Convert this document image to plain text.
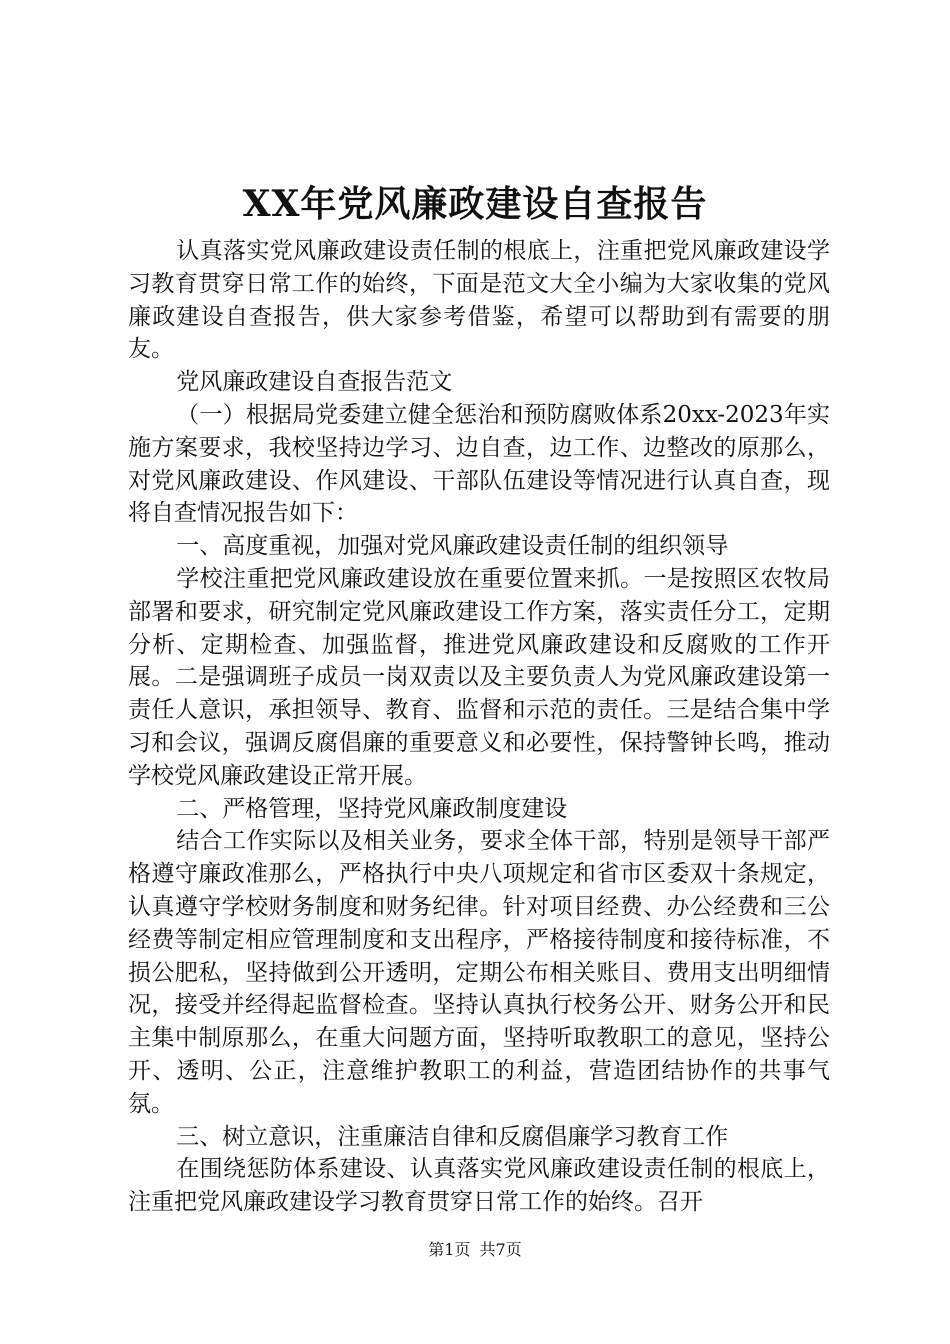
XX年党风廉政建设自查报告

认真落实党风廉政建设责任制的根底上，注重把党风廉政建设学习教育贯穿日常工作的始终，下面是范文大全小编为大家收集的党风廉政建设自查报告，供大家参考借鉴，希望可以帮助到有需要的朋友。

党风廉政建设自查报告范文

（一）根据局党委建立健全惩治和预防腐败体系20xx-2023年实施方案要求，我校坚持边学习、边自查，边工作、边整改的原那么，对党风廉政建设、作风建设、干部队伍建设等情况进行认真自查，现将自查情况报告如下：

一、高度重视，加强对党风廉政建设责任制的组织领导

学校注重把党风廉政建设放在重要位置来抓。一是按照区农牧局部署和要求，研究制定党风廉政建设工作方案，落实责任分工，定期分析、定期检查、加强监督，推进党风廉政建设和反腐败的工作开展。二是强调班子成员一岗双责以及主要负责人为党风廉政建设第一责任人意识，承担领导、教育、监督和示范的责任。三是结合集中学习和会议，强调反腐倡廉的重要意义和必要性，保持警钟长鸣，推动学校党风廉政建设正常开展。

二、严格管理，坚持党风廉政制度建设

结合工作实际以及相关业务，要求全体干部，特别是领导干部严格遵守廉政准那么，严格执行中央八项规定和省市区委双十条规定，认真遵守学校财务制度和财务纪律。针对项目经费、办公经费和三公经费等制定相应管理制度和支出程序，严格接待制度和接待标准，不损公肥私，坚持做到公开透明，定期公布相关账目、费用支出明细情况，接受并经得起监督检查。坚持认真执行校务公开、财务公开和民主集中制原那么，在重大问题方面，坚持听取教职工的意见，坚持公开、透明、公正，注意维护教职工的利益，营造团结协作的共事气氛。

三、树立意识，注重廉洁自律和反腐倡廉学习教育工作

在围绕惩防体系建设、认真落实党风廉政建设责任制的根底上，注重把党风廉政建设学习教育贯穿日常工作的始终。召开

第1页 共7页
